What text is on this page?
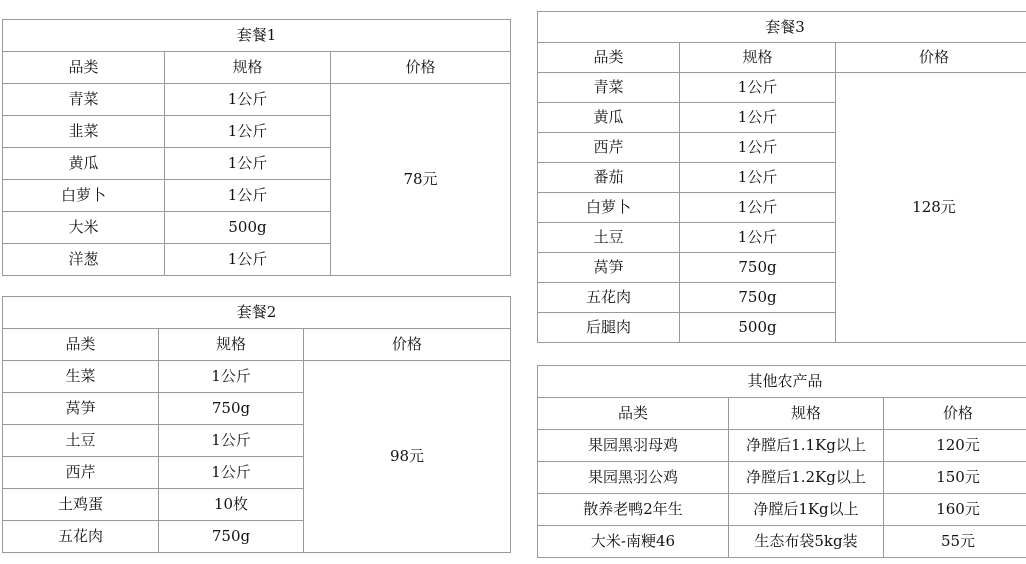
套餐1		
品类	规格	价格
青菜	1公斤	78元
韭菜	1公斤	
黄瓜	1公斤	
白萝卜	1公斤	
大米	500g	
洋葱	1公斤	
套餐2		
品类	规格	价格
生菜	1公斤	98元
莴笋	750g	
土豆	1公斤	
西芹	1公斤	
土鸡蛋	10枚	
五花肉	750g	
套餐3		
品类	规格	价格
青菜	1公斤	128元
黄瓜	1公斤	
西芹	1公斤	
番茄	1公斤	
白萝卜	1公斤	
土豆	1公斤	
莴笋	750g	
五花肉	750g	
后腿肉	500g	
其他农产品		
品类	规格	价格
果园黑羽母鸡	净膛后1.1Kg以上	120元
果园黑羽公鸡	净膛后1.2Kg以上	150元
散养老鸭2年生	净膛后1Kg以上	160元
大米-南粳46	生态布袋5kg装	55元
